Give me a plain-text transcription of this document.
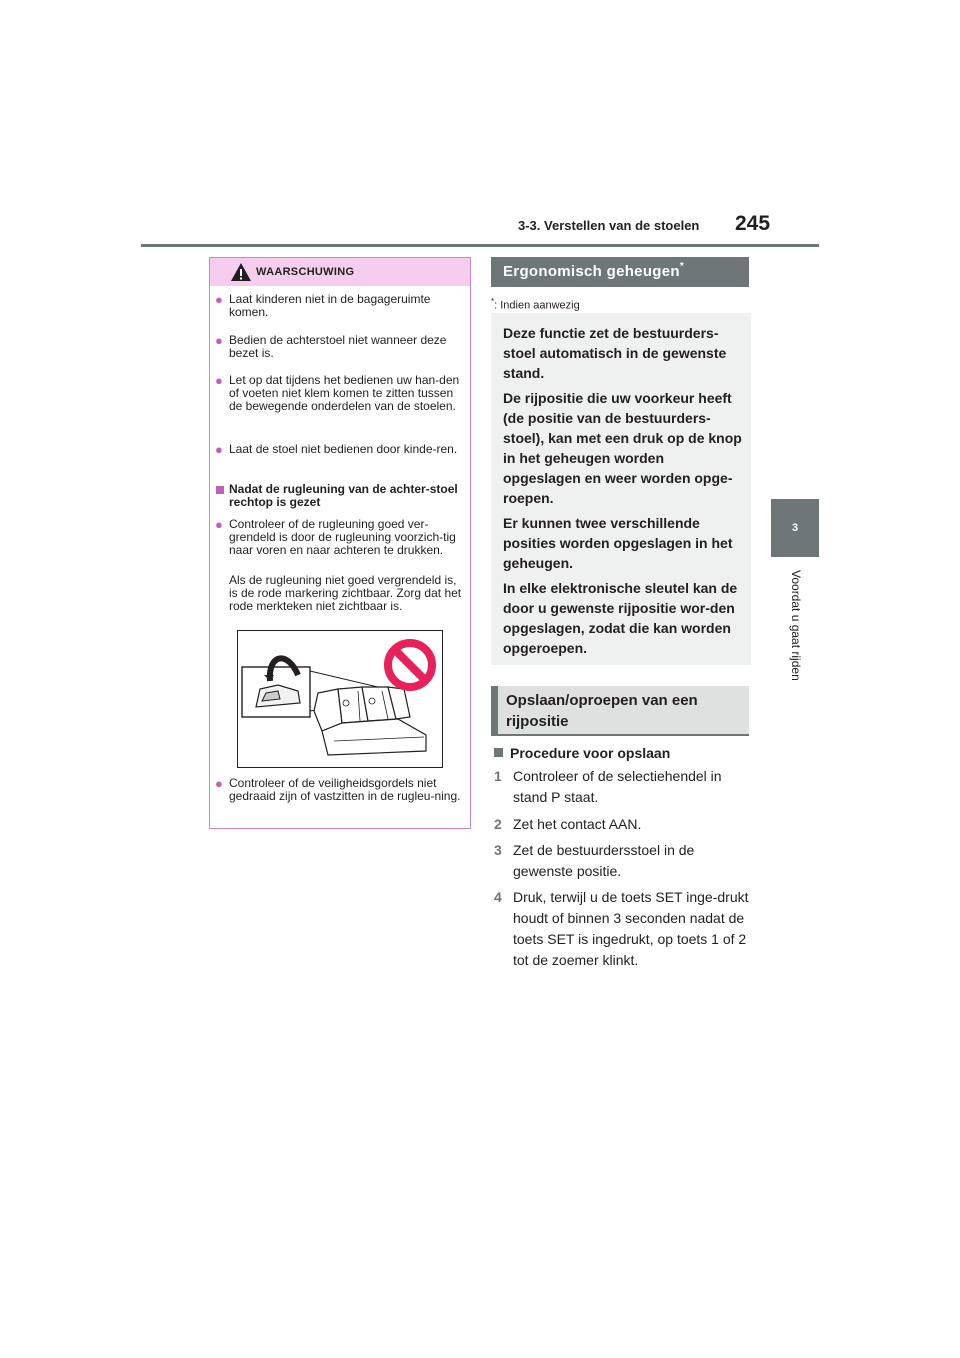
3-3. Verstellen van de stoelen 245
3
Voordat u gaat rijden
WAARSCHUWING
● Laat kinderen niet in de bagageruimte komen.
● Bedien de achterstoel niet wanneer deze bezet is.
● Let op dat tijdens het bedienen uw han-den of voeten niet klem komen te zitten tussen de bewegende onderdelen van de stoelen.
● Laat de stoel niet bedienen door kinde-ren.
Nadat de rugleuning van de achter-stoel rechtop is gezet
● Controleer of de rugleuning goed ver-grendeld is door de rugleuning voorzich-tig naar voren en naar achteren te drukken.
Als de rugleuning niet goed vergrendeld is, is de rode markering zichtbaar. Zorg dat het rode merkteken niet zichtbaar is.
● Controleer of de veiligheidsgordels niet gedraaid zijn of vastzitten in de rugleu-ning.
Ergonomisch geheugen*
*: Indien aanwezig
Deze functie zet de bestuurders-stoel automatisch in de gewenste stand.
De rijpositie die uw voorkeur heeft (de positie van de bestuurders-stoel), kan met een druk op de knop in het geheugen worden opgeslagen en weer worden opge-roepen.
Er kunnen twee verschillende posities worden opgeslagen in het geheugen.
In elke elektronische sleutel kan de door u gewenste rijpositie wor-den opgeslagen, zodat die kan worden opgeroepen.
Opslaan/oproepen van een rijpositie
Procedure voor opslaan
1 Controleer of de selectiehendel in stand P staat.
2 Zet het contact AAN.
3 Zet de bestuurdersstoel in de gewenste positie.
4 Druk, terwijl u de toets SET inge-drukt houdt of binnen 3 seconden nadat de toets SET is ingedrukt, op toets 1 of 2 tot de zoemer klinkt.
